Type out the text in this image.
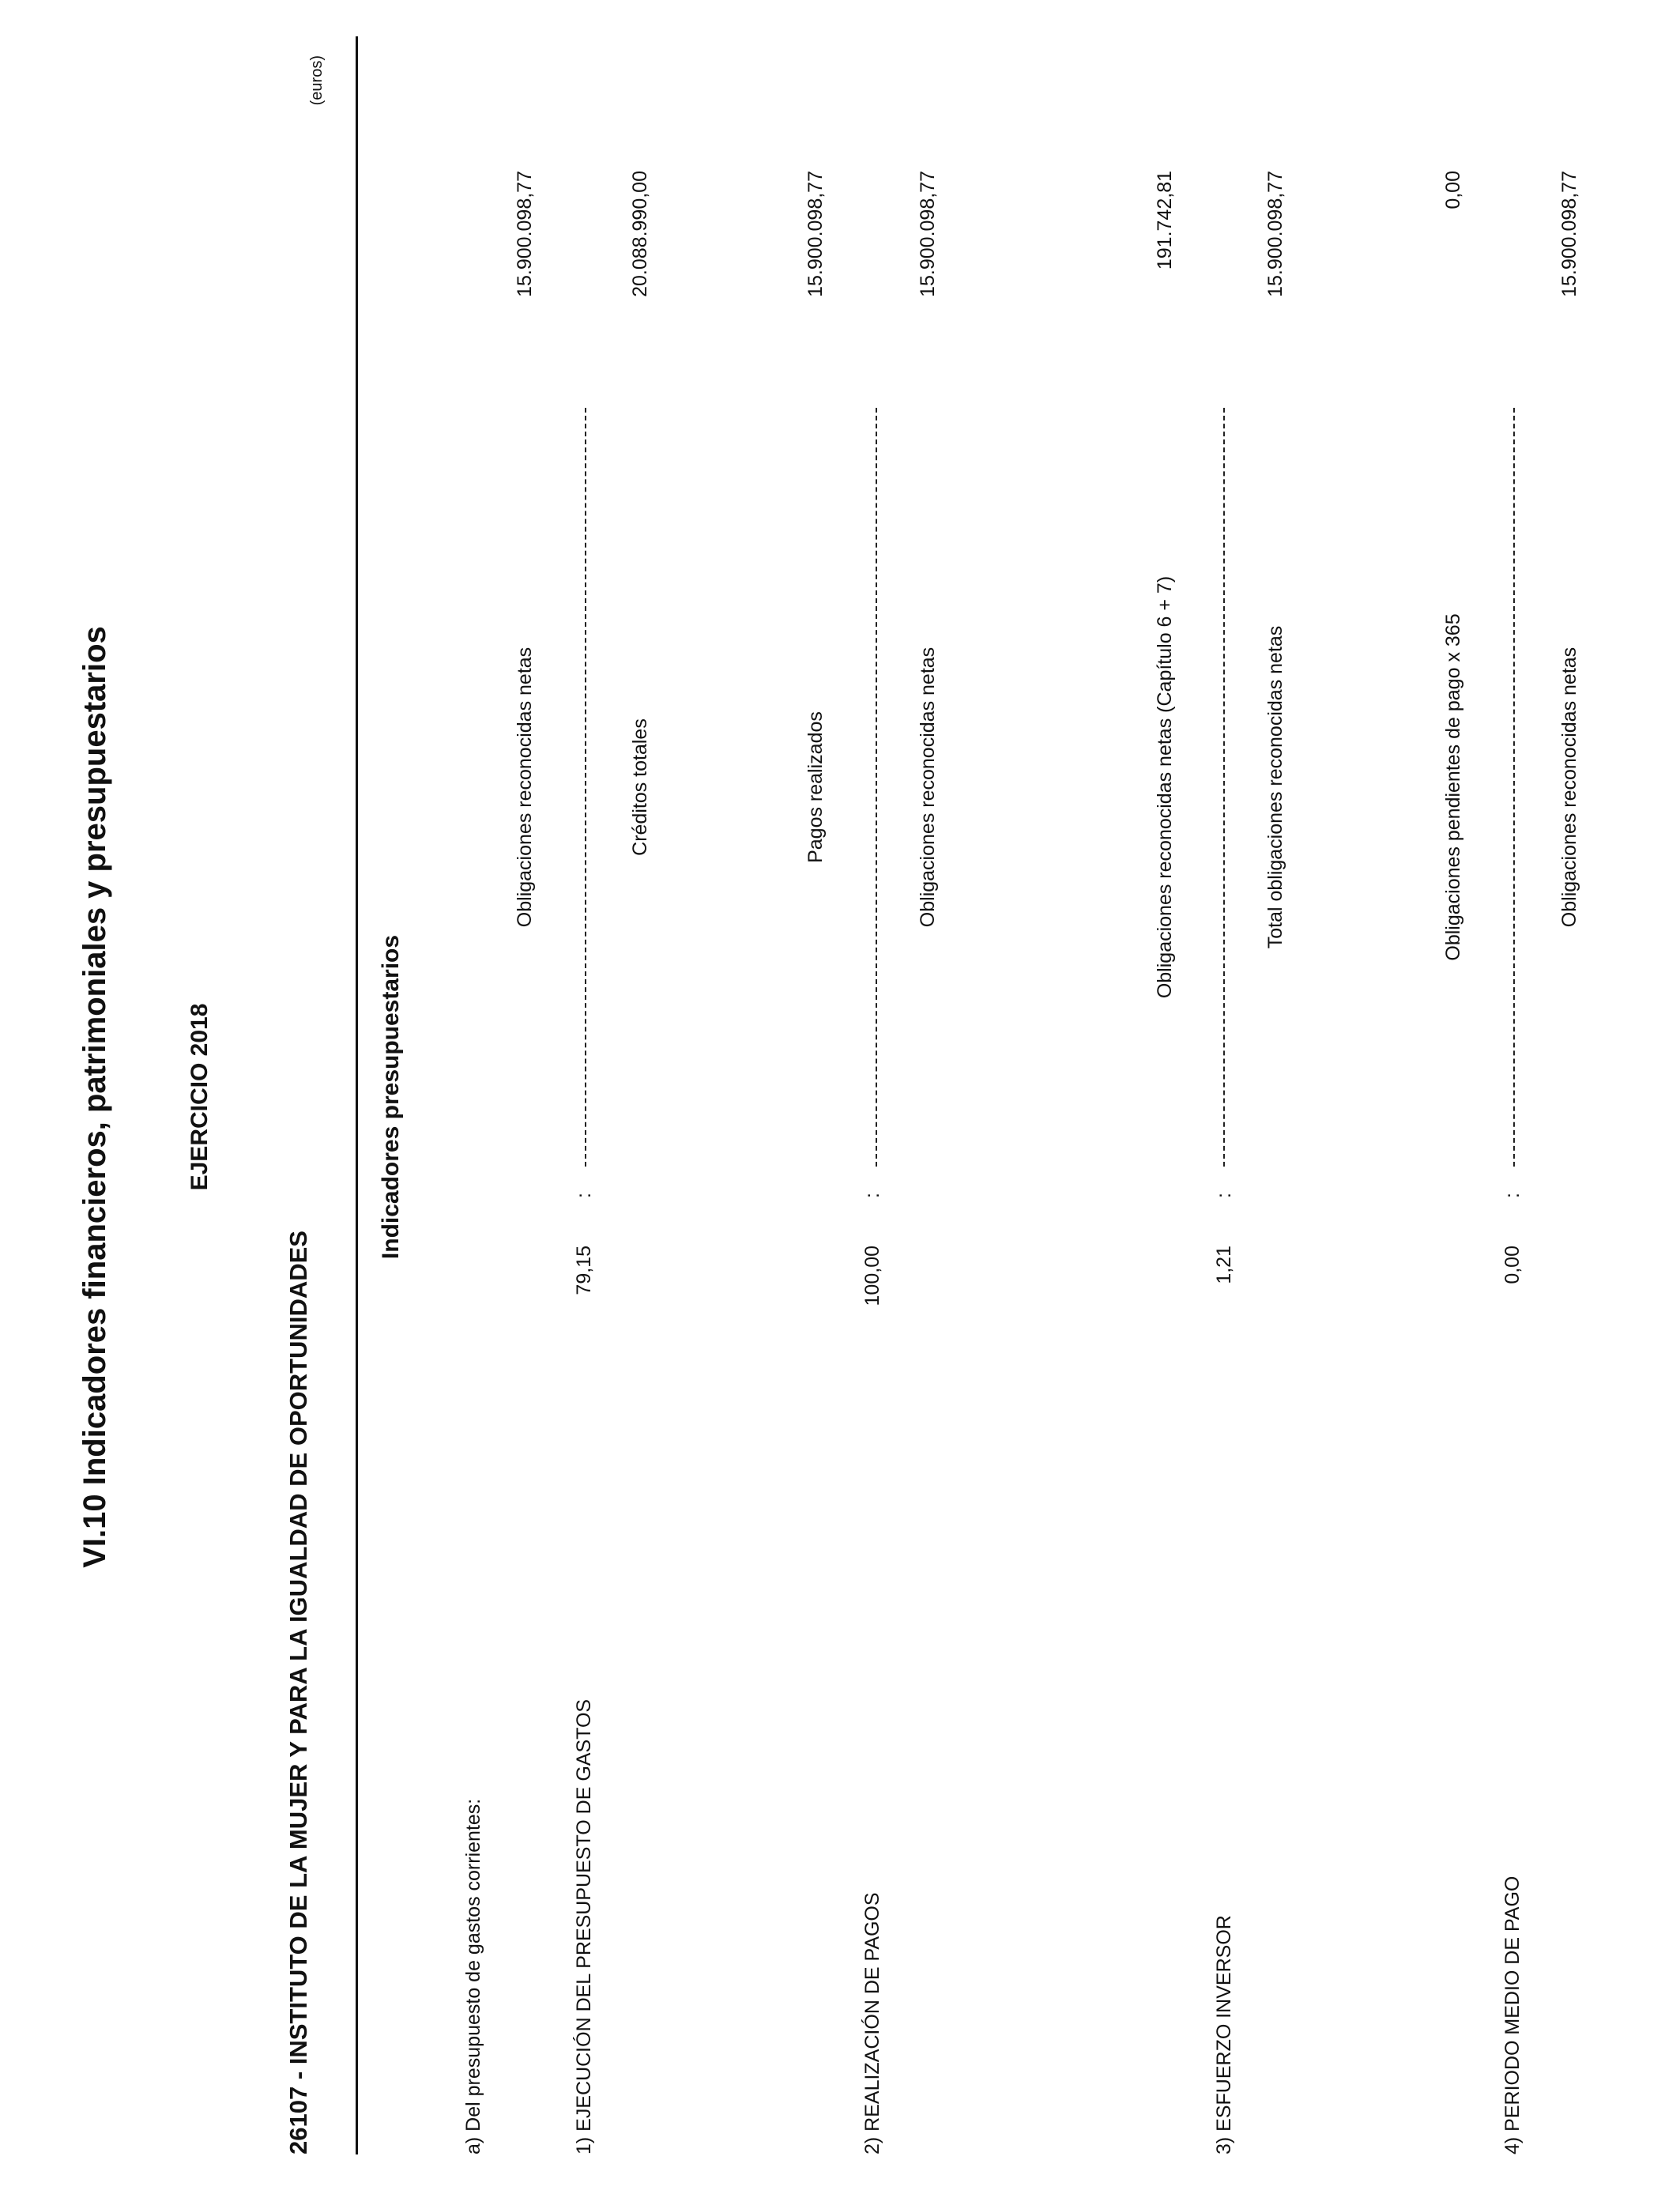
VI.10 Indicadores financieros, patrimoniales y presupuestarios	EJERCICIO 2018
26107 - INSTITUTO DE LA MUJER Y PARA LA IGUALDAD DE OPORTUNIDADES
(euros)
Indicadores presupuestarios
a) Del presupuesto de gastos corrientes:	1) EJECUCIÓN DEL PRESUPUESTO DE GASTOS
79,15
:
Obligaciones reconocidas netas	Créditos totales
15.900.098,77	20.088.990,00
2) REALIZACIÓN DE PAGOS
100,00
:
Pagos realizados	Obligaciones reconocidas netas
15.900.098,77	15.900.098,77
3) ESFUERZO INVERSOR
1,21
:
Obligaciones reconocidas netas (Capítulo 6 + 7)	Total obligaciones reconocidas netas
191.742,81	15.900.098,77
4) PERIODO MEDIO DE PAGO
0,00
:
Obligaciones pendientes de pago x 365	Obligaciones reconocidas netas
0,00	15.900.098,77
